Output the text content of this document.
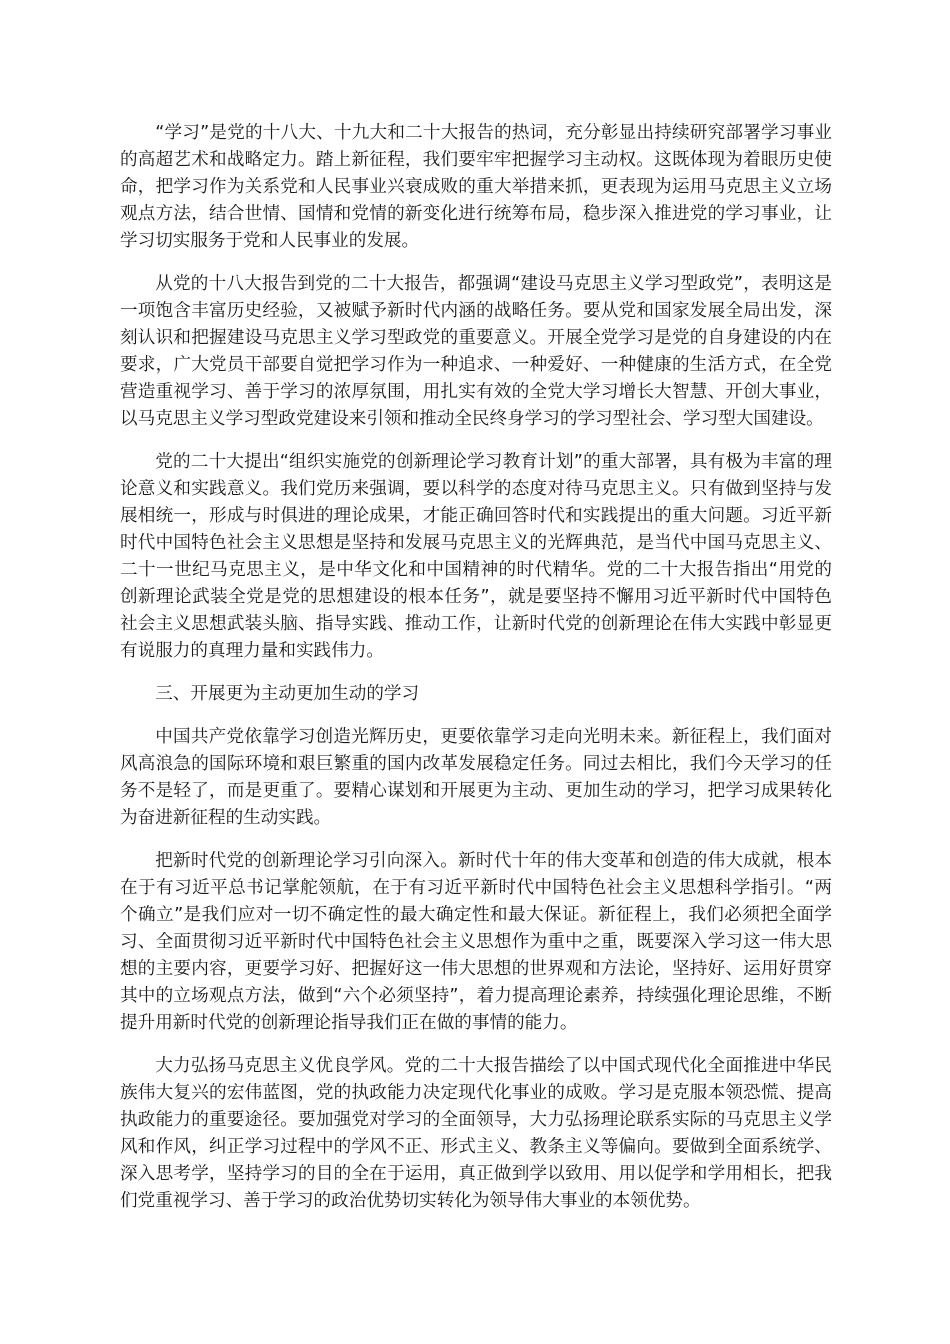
“学习”是党的十八大、十九大和二十大报告的热词，充分彰显出持续研究部署学习事业的高超艺术和战略定力。踏上新征程，我们要牢牢把握学习主动权。这既体现为着眼历史使命，把学习作为关系党和人民事业兴衰成败的重大举措来抓，更表现为运用马克思主义立场观点方法，结合世情、国情和党情的新变化进行统筹布局，稳步深入推进党的学习事业，让学习切实服务于党和人民事业的发展。

从党的十八大报告到党的二十大报告，都强调“建设马克思主义学习型政党”，表明这是一项饱含丰富历史经验，又被赋予新时代内涵的战略任务。要从党和国家发展全局出发，深刻认识和把握建设马克思主义学习型政党的重要意义。开展全党学习是党的自身建设的内在要求，广大党员干部要自觉把学习作为一种追求、一种爱好、一种健康的生活方式，在全党营造重视学习、善于学习的浓厚氛围，用扎实有效的全党大学习增长大智慧、开创大事业，以马克思主义学习型政党建设来引领和推动全民终身学习的学习型社会、学习型大国建设。

党的二十大提出“组织实施党的创新理论学习教育计划”的重大部署，具有极为丰富的理论意义和实践意义。我们党历来强调，要以科学的态度对待马克思主义。只有做到坚持与发展相统一，形成与时俱进的理论成果，才能正确回答时代和实践提出的重大问题。习近平新时代中国特色社会主义思想是坚持和发展马克思主义的光辉典范，是当代中国马克思主义、二十一世纪马克思主义，是中华文化和中国精神的时代精华。党的二十大报告指出“用党的创新理论武装全党是党的思想建设的根本任务”，就是要坚持不懈用习近平新时代中国特色社会主义思想武装头脑、指导实践、推动工作，让新时代党的创新理论在伟大实践中彰显更有说服力的真理力量和实践伟力。

三、开展更为主动更加生动的学习

中国共产党依靠学习创造光辉历史，更要依靠学习走向光明未来。新征程上，我们面对风高浪急的国际环境和艰巨繁重的国内改革发展稳定任务。同过去相比，我们今天学习的任务不是轻了，而是更重了。要精心谋划和开展更为主动、更加生动的学习，把学习成果转化为奋进新征程的生动实践。

把新时代党的创新理论学习引向深入。新时代十年的伟大变革和创造的伟大成就，根本在于有习近平总书记掌舵领航，在于有习近平新时代中国特色社会主义思想科学指引。“两个确立”是我们应对一切不确定性的最大确定性和最大保证。新征程上，我们必须把全面学习、全面贯彻习近平新时代中国特色社会主义思想作为重中之重，既要深入学习这一伟大思想的主要内容，更要学习好、把握好这一伟大思想的世界观和方法论，坚持好、运用好贯穿其中的立场观点方法，做到“六个必须坚持”，着力提高理论素养，持续强化理论思维，不断提升用新时代党的创新理论指导我们正在做的事情的能力。

大力弘扬马克思主义优良学风。党的二十大报告描绘了以中国式现代化全面推进中华民族伟大复兴的宏伟蓝图，党的执政能力决定现代化事业的成败。学习是克服本领恐慌、提高执政能力的重要途径。要加强党对学习的全面领导，大力弘扬理论联系实际的马克思主义学风和作风，纠正学习过程中的学风不正、形式主义、教条主义等偏向。要做到全面系统学、深入思考学，坚持学习的目的全在于运用，真正做到学以致用、用以促学和学用相长，把我们党重视学习、善于学习的政治优势切实转化为领导伟大事业的本领优势。
